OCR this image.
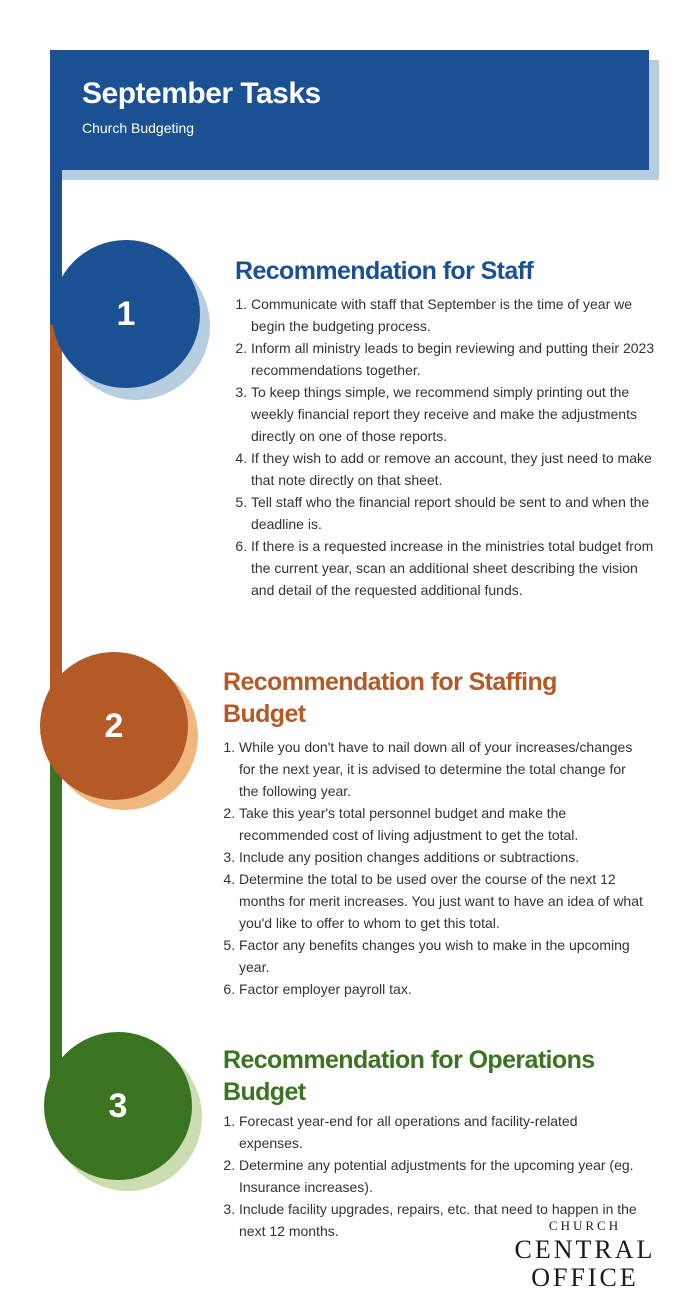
September Tasks
Church Budgeting
1
2
3
Recommendation for Staff
1. Communicate with staff that September is the time of year we begin the budgeting process.
2. Inform all ministry leads to begin reviewing and putting their 2023 recommendations together.
3. To keep things simple, we recommend simply printing out the weekly financial report they receive and make the adjustments directly on one of those reports.
4. If they wish to add or remove an account, they just need to make that note directly on that sheet.
5. Tell staff who the financial report should be sent to and when the deadline is.
6. If there is a requested increase in the ministries total budget from the current year, scan an additional sheet describing the vision and detail of the requested additional funds.
Recommendation for Staffing Budget
1. While you don't have to nail down all of your increases/changes for the next year, it is advised to determine the total change for the following year.
2. Take this year's total personnel budget and make the recommended cost of living adjustment to get the total.
3. Include any position changes additions or subtractions.
4. Determine the total to be used over the course of the next 12 months for merit increases. You just want to have an idea of what you'd like to offer to whom to get this total.
5. Factor any benefits changes you wish to make in the upcoming year.
6. Factor employer payroll tax.
Recommendation for Operations Budget
1. Forecast year-end for all operations and facility-related expenses.
2. Determine any potential adjustments for the upcoming year (eg. Insurance increases).
3. Include facility upgrades, repairs, etc. that need to happen in the next 12 months.	CHURCH
CENTRAL
OFFICE
